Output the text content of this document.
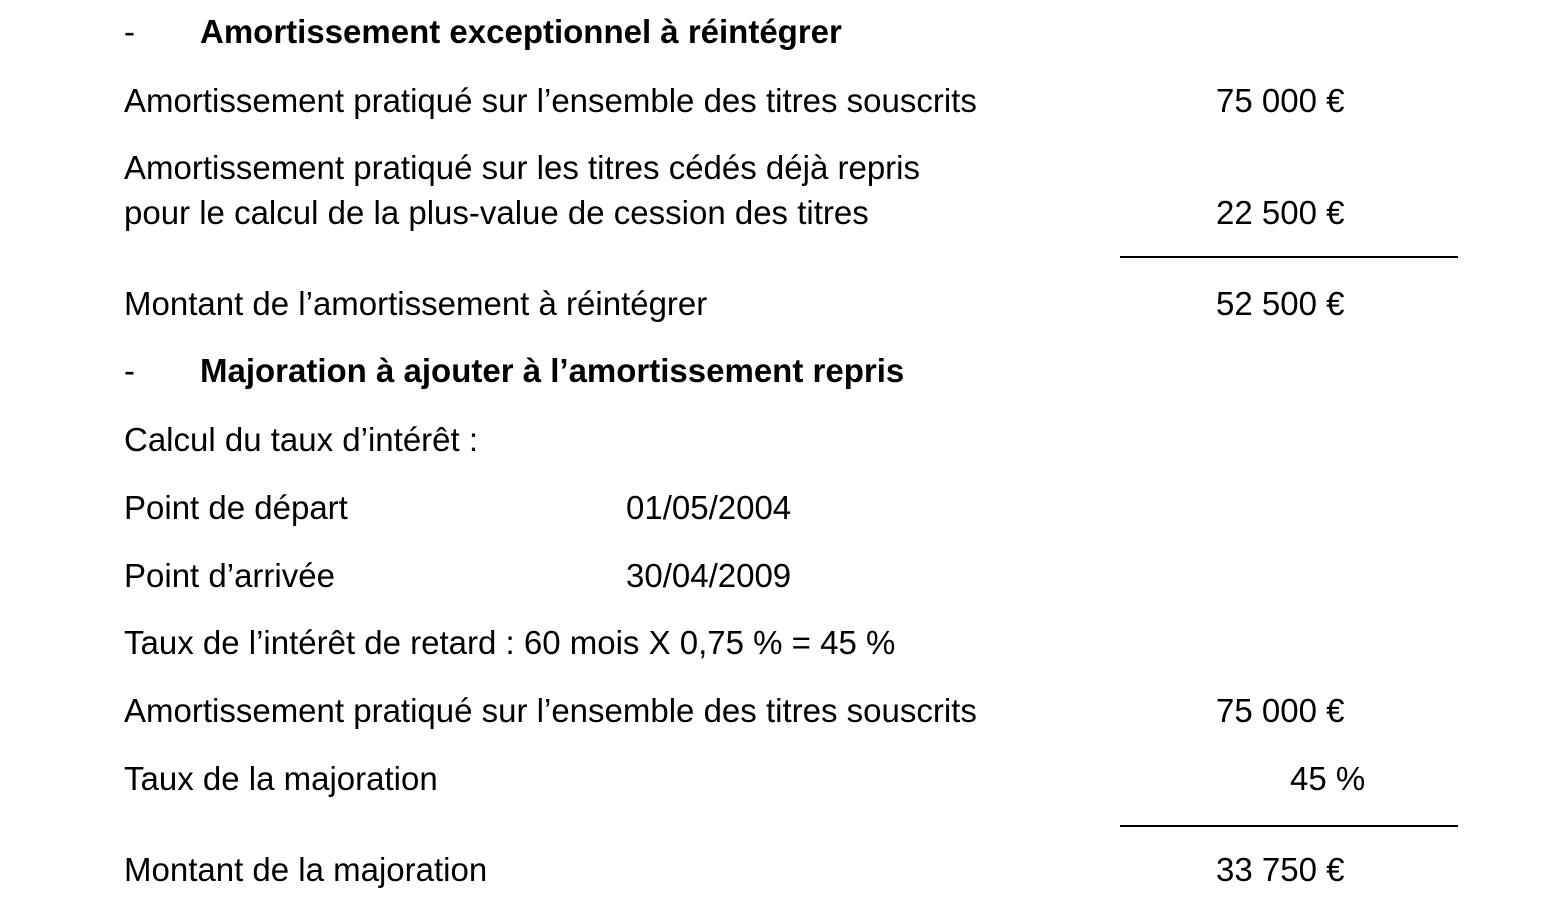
- Amortissement exceptionnel à réintégrer
Amortissement pratiqué sur l’ensemble des titres souscrits	75 000 €
Amortissement pratiqué sur les titres cédés déjà repris
pour le calcul de la plus-value de cession des titres	22 500 €
Montant de l’amortissement à réintégrer	52 500 €
- Majoration à ajouter à l’amortissement repris
Calcul du taux d’intérêt :
Point de départ	01/05/2004
Point d’arrivée	30/04/2009
Taux de l’intérêt de retard : 60 mois X 0,75 % = 45 %
Amortissement pratiqué sur l’ensemble des titres souscrits	75 000 €
Taux de la majoration	45 %
Montant de la majoration	33 750 €
